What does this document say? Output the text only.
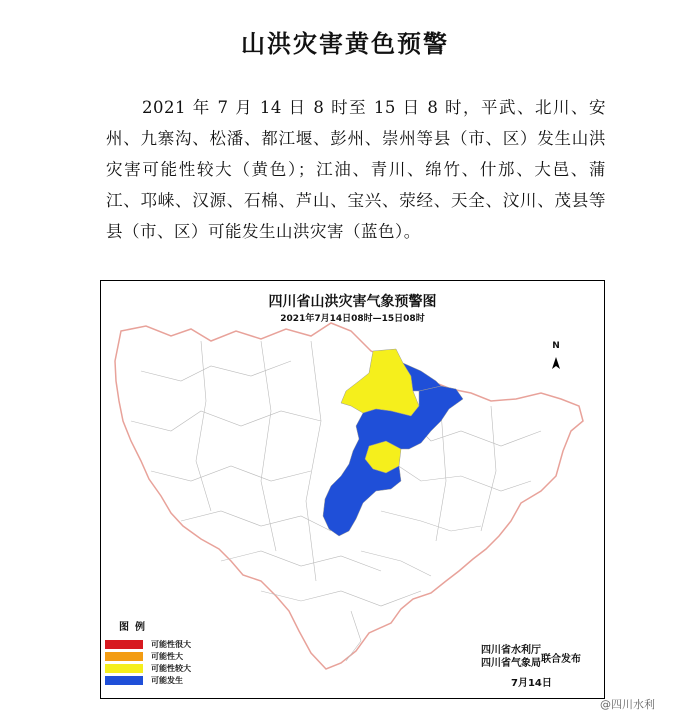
山洪灾害黄色预警
2021 年 7 月 14 日 8 时至 15 日 8 时，平武、北川、安州、九寨沟、松潘、都江堰、彭州、崇州等县（市、区）发生山洪灾害可能性较大（黄色）；江油、青川、绵竹、什邡、大邑、蒲江、邛崃、汉源、石棉、芦山、宝兴、荥经、天全、汶川、茂县等县（市、区）可能发生山洪灾害（蓝色）。
四川省山洪灾害气象预警图
2021年7月14日08时—15日08时
N
图例
可能性很大
可能性大
可能性较大
可能发生
四川省水利厅
四川省气象局 联合发布
7月14日
@四川水利
